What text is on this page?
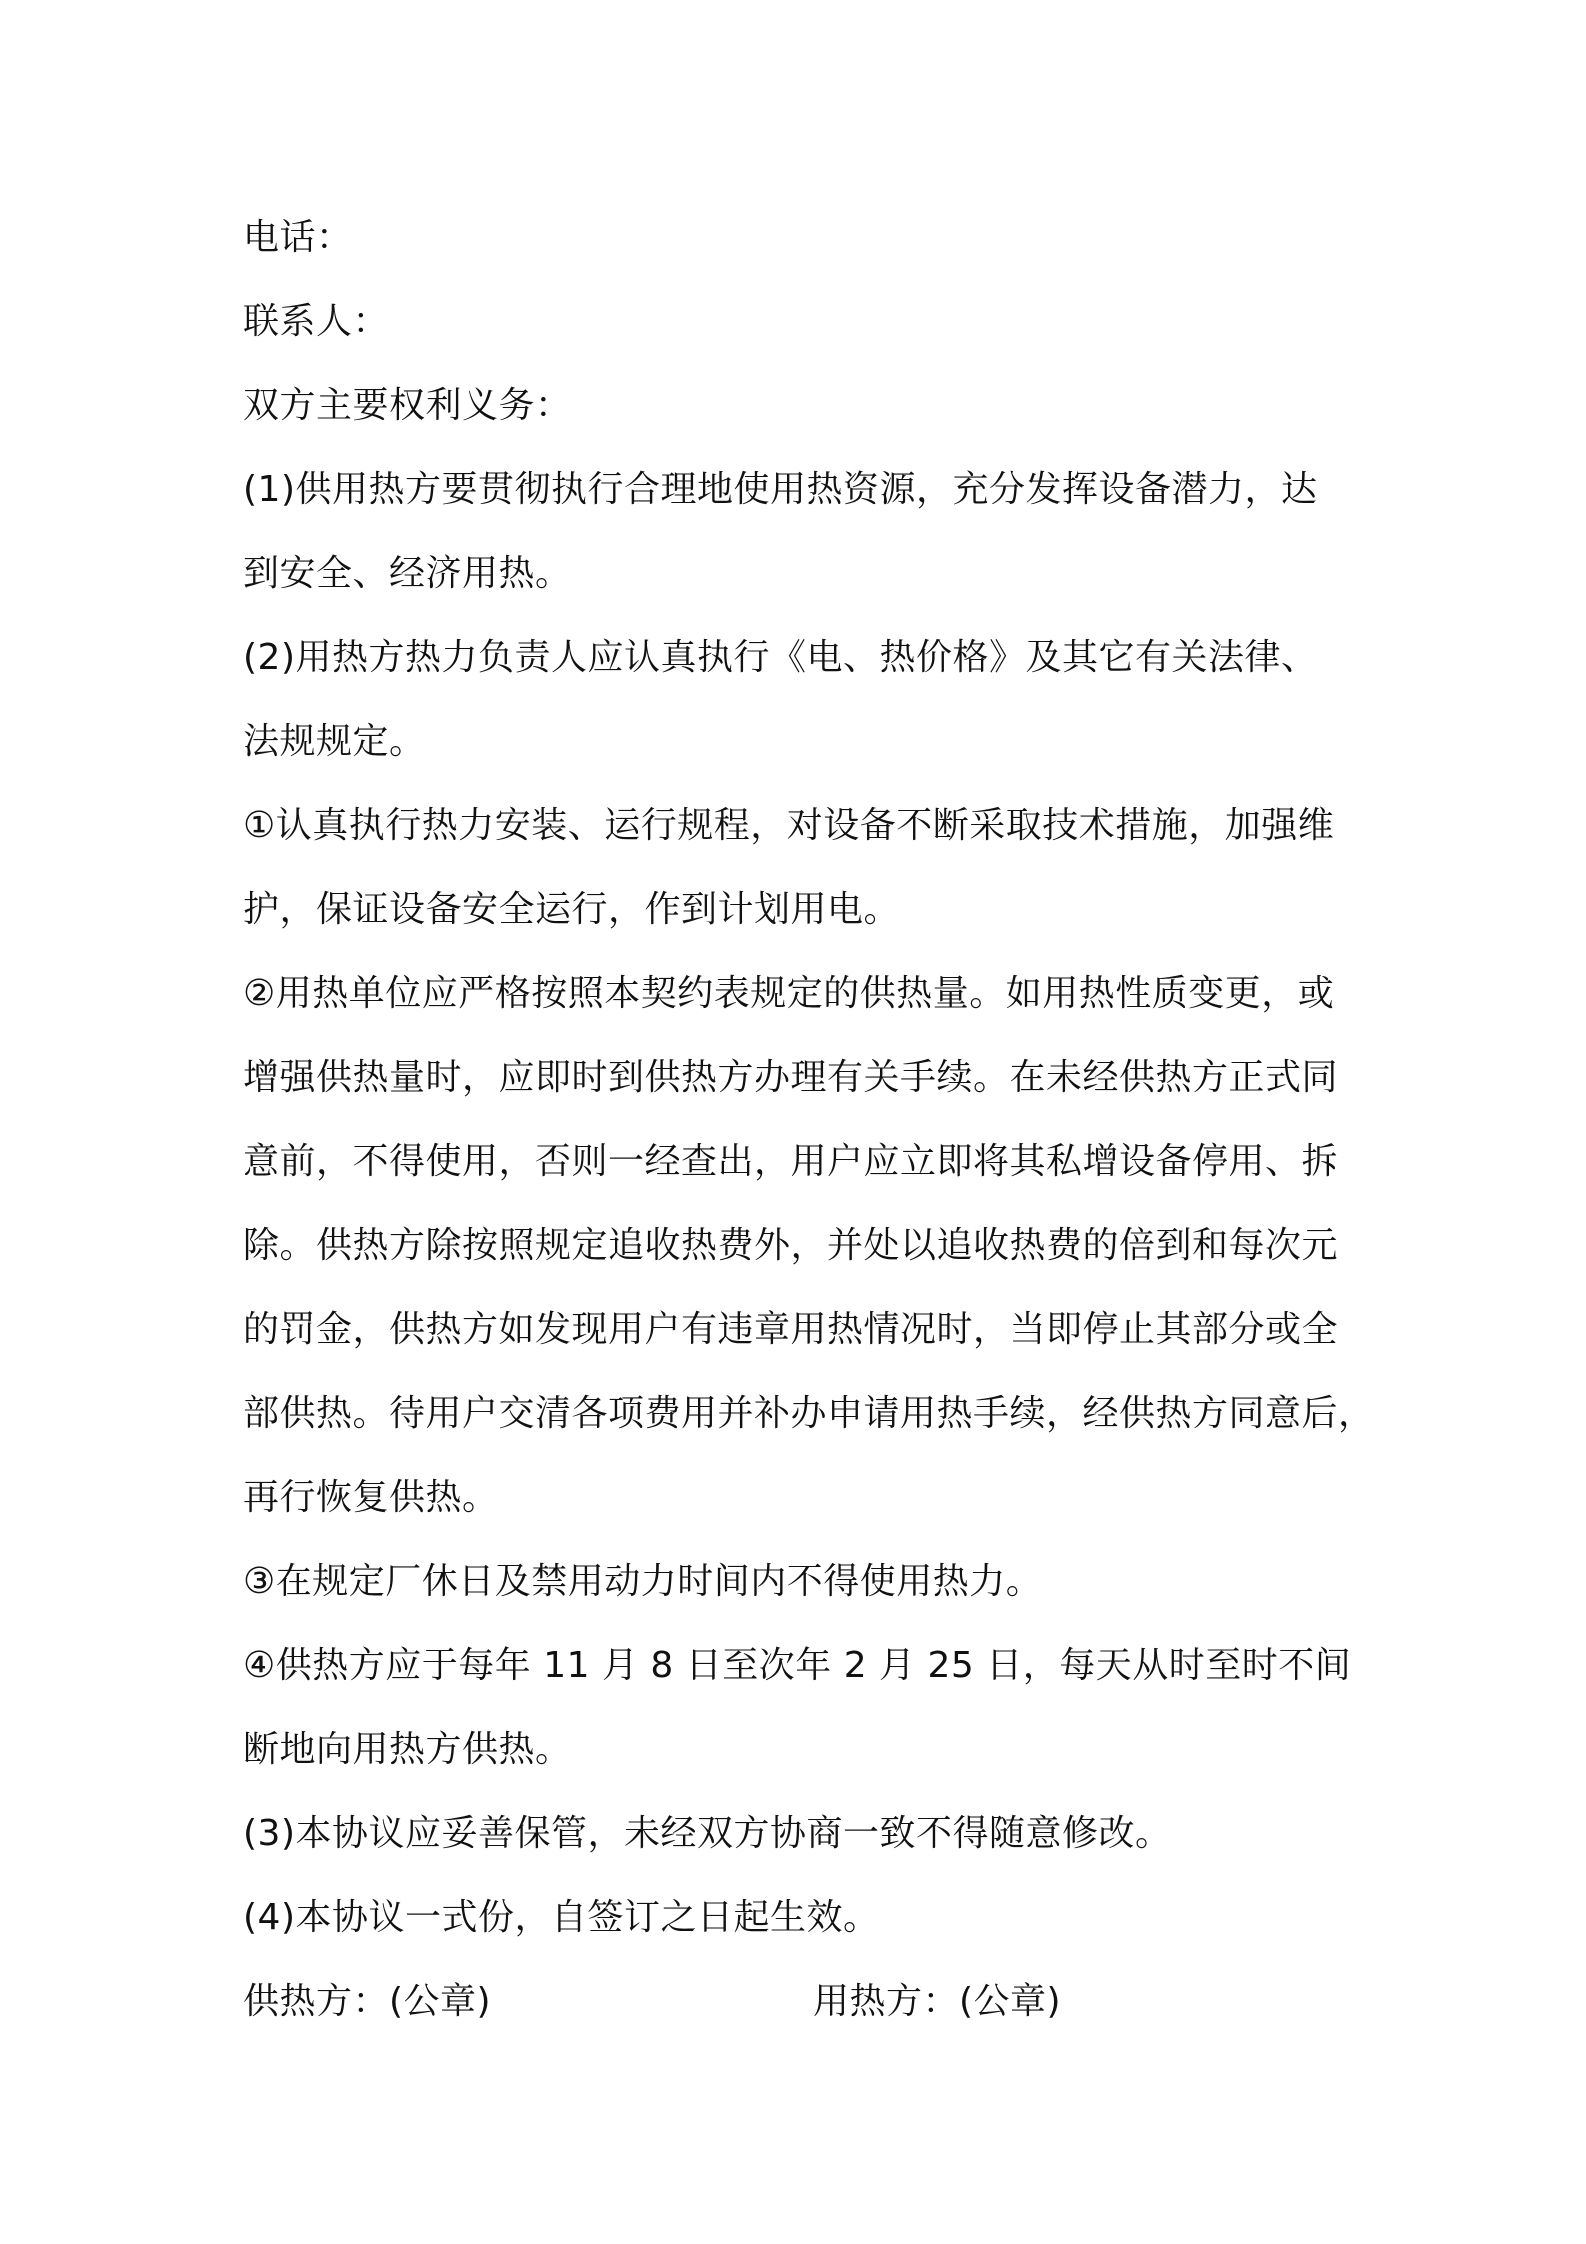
电话：
联系人：
双方主要权利义务：
(1)供用热方要贯彻执行合理地使用热资源，充分发挥设备潜力，达
到安全、经济用热。
(2)用热方热力负责人应认真执行《电、热价格》及其它有关法律、
法规规定。
①认真执行热力安装、运行规程，对设备不断采取技术措施，加强维
护，保证设备安全运行，作到计划用电。
②用热单位应严格按照本契约表规定的供热量。如用热性质变更，或
增强供热量时，应即时到供热方办理有关手续。在未经供热方正式同
意前，不得使用，否则一经查出，用户应立即将其私增设备停用、拆
除。供热方除按照规定追收热费外，并处以追收热费的倍到和每次元
的罚金，供热方如发现用户有违章用热情况时，当即停止其部分或全
部供热。待用户交清各项费用并补办申请用热手续，经供热方同意后，
再行恢复供热。
③在规定厂休日及禁用动力时间内不得使用热力。
④供热方应于每年 11 月 8 日至次年 2 月 25 日，每天从时至时不间
断地向用热方供热。
(3)本协议应妥善保管，未经双方协商一致不得随意修改。
(4)本协议一式份，自签订之日起生效。
供热方：(公章)	用热方：(公章)
